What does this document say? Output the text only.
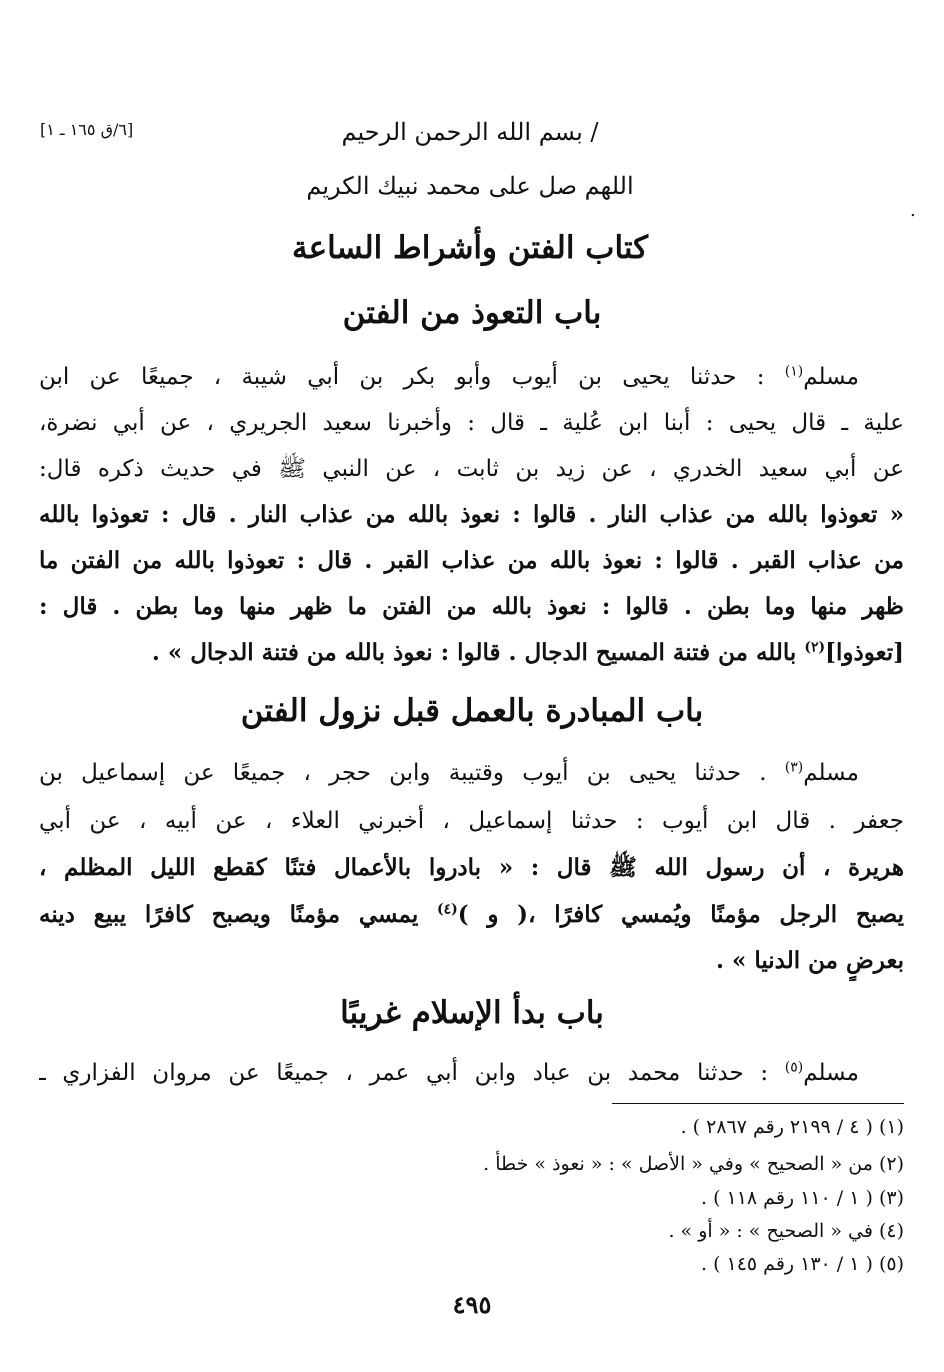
[٦/ق ١٦٥ ـ ١]
.
/ بسم الله الرحمن الرحيم
اللهم صل على محمد نبيك الكريم
كتاب الفتن وأشراط الساعة
باب التعوذ من الفتن
مسلم$^{(١)}$ : حدثنا يحيى بن أيوب وأبو بكر بن أبي شيبة ، جميعًا عن ابن
علية ـ قال يحيى : أبنا ابن عُلية ـ قال : وأخبرنا سعيد الجريري ، عن أبي نضرة،
عن أبي سعيد الخدري ، عن زيد بن ثابت ، عن النبي ﷺ في حديث ذكره قال:
« تعوذوا بالله من عذاب النار . قالوا : نعوذ بالله من عذاب النار . قال : تعوذوا بالله
من عذاب القبر . قالوا : نعوذ بالله من عذاب القبر . قال : تعوذوا بالله من الفتن ما
ظهر منها وما بطن . قالوا : نعوذ بالله من الفتن ما ظهر منها وما بطن . قال :
[تعوذوا]$^{(٢)}$ بالله من فتنة المسيح الدجال . قالوا : نعوذ بالله من فتنة الدجال » .
باب المبادرة بالعمل قبل نزول الفتن
مسلم$^{(٣)}$ . حدثنا يحيى بن أيوب وقتيبة وابن حجر ، جميعًا عن إسماعيل بن
جعفر . قال ابن أيوب : حدثنا إسماعيل ، أخبرني العلاء ، عن أبيه ، عن أبي
هريرة ، أن رسول الله ﷺ قال : « بادروا بالأعمال فتنًا كقطع الليل المظلم ،
يصبح الرجل مؤمنًا ويُمسي كافرًا ،( و )$^{(٤)}$ يمسي مؤمنًا ويصبح كافرًا يبيع دينه
بعرضٍ من الدنيا » .
باب بدأ الإسلام غريبًا
مسلم$^{(٥)}$ : حدثنا محمد بن عباد وابن أبي عمر ، جميعًا عن مروان الفزاري ـ
(١) ( ٤ / ٢١٩٩ رقم ٢٨٦٧ ) .
(٢) من « الصحيح » وفي « الأصل » : « نعوذ » خطأ .
(٣) ( ١ / ١١٠ رقم ١١٨ ) .
(٤) في « الصحيح » : « أو » .
(٥) ( ١ / ١٣٠ رقم ١٤٥ ) .
٤٩٥
